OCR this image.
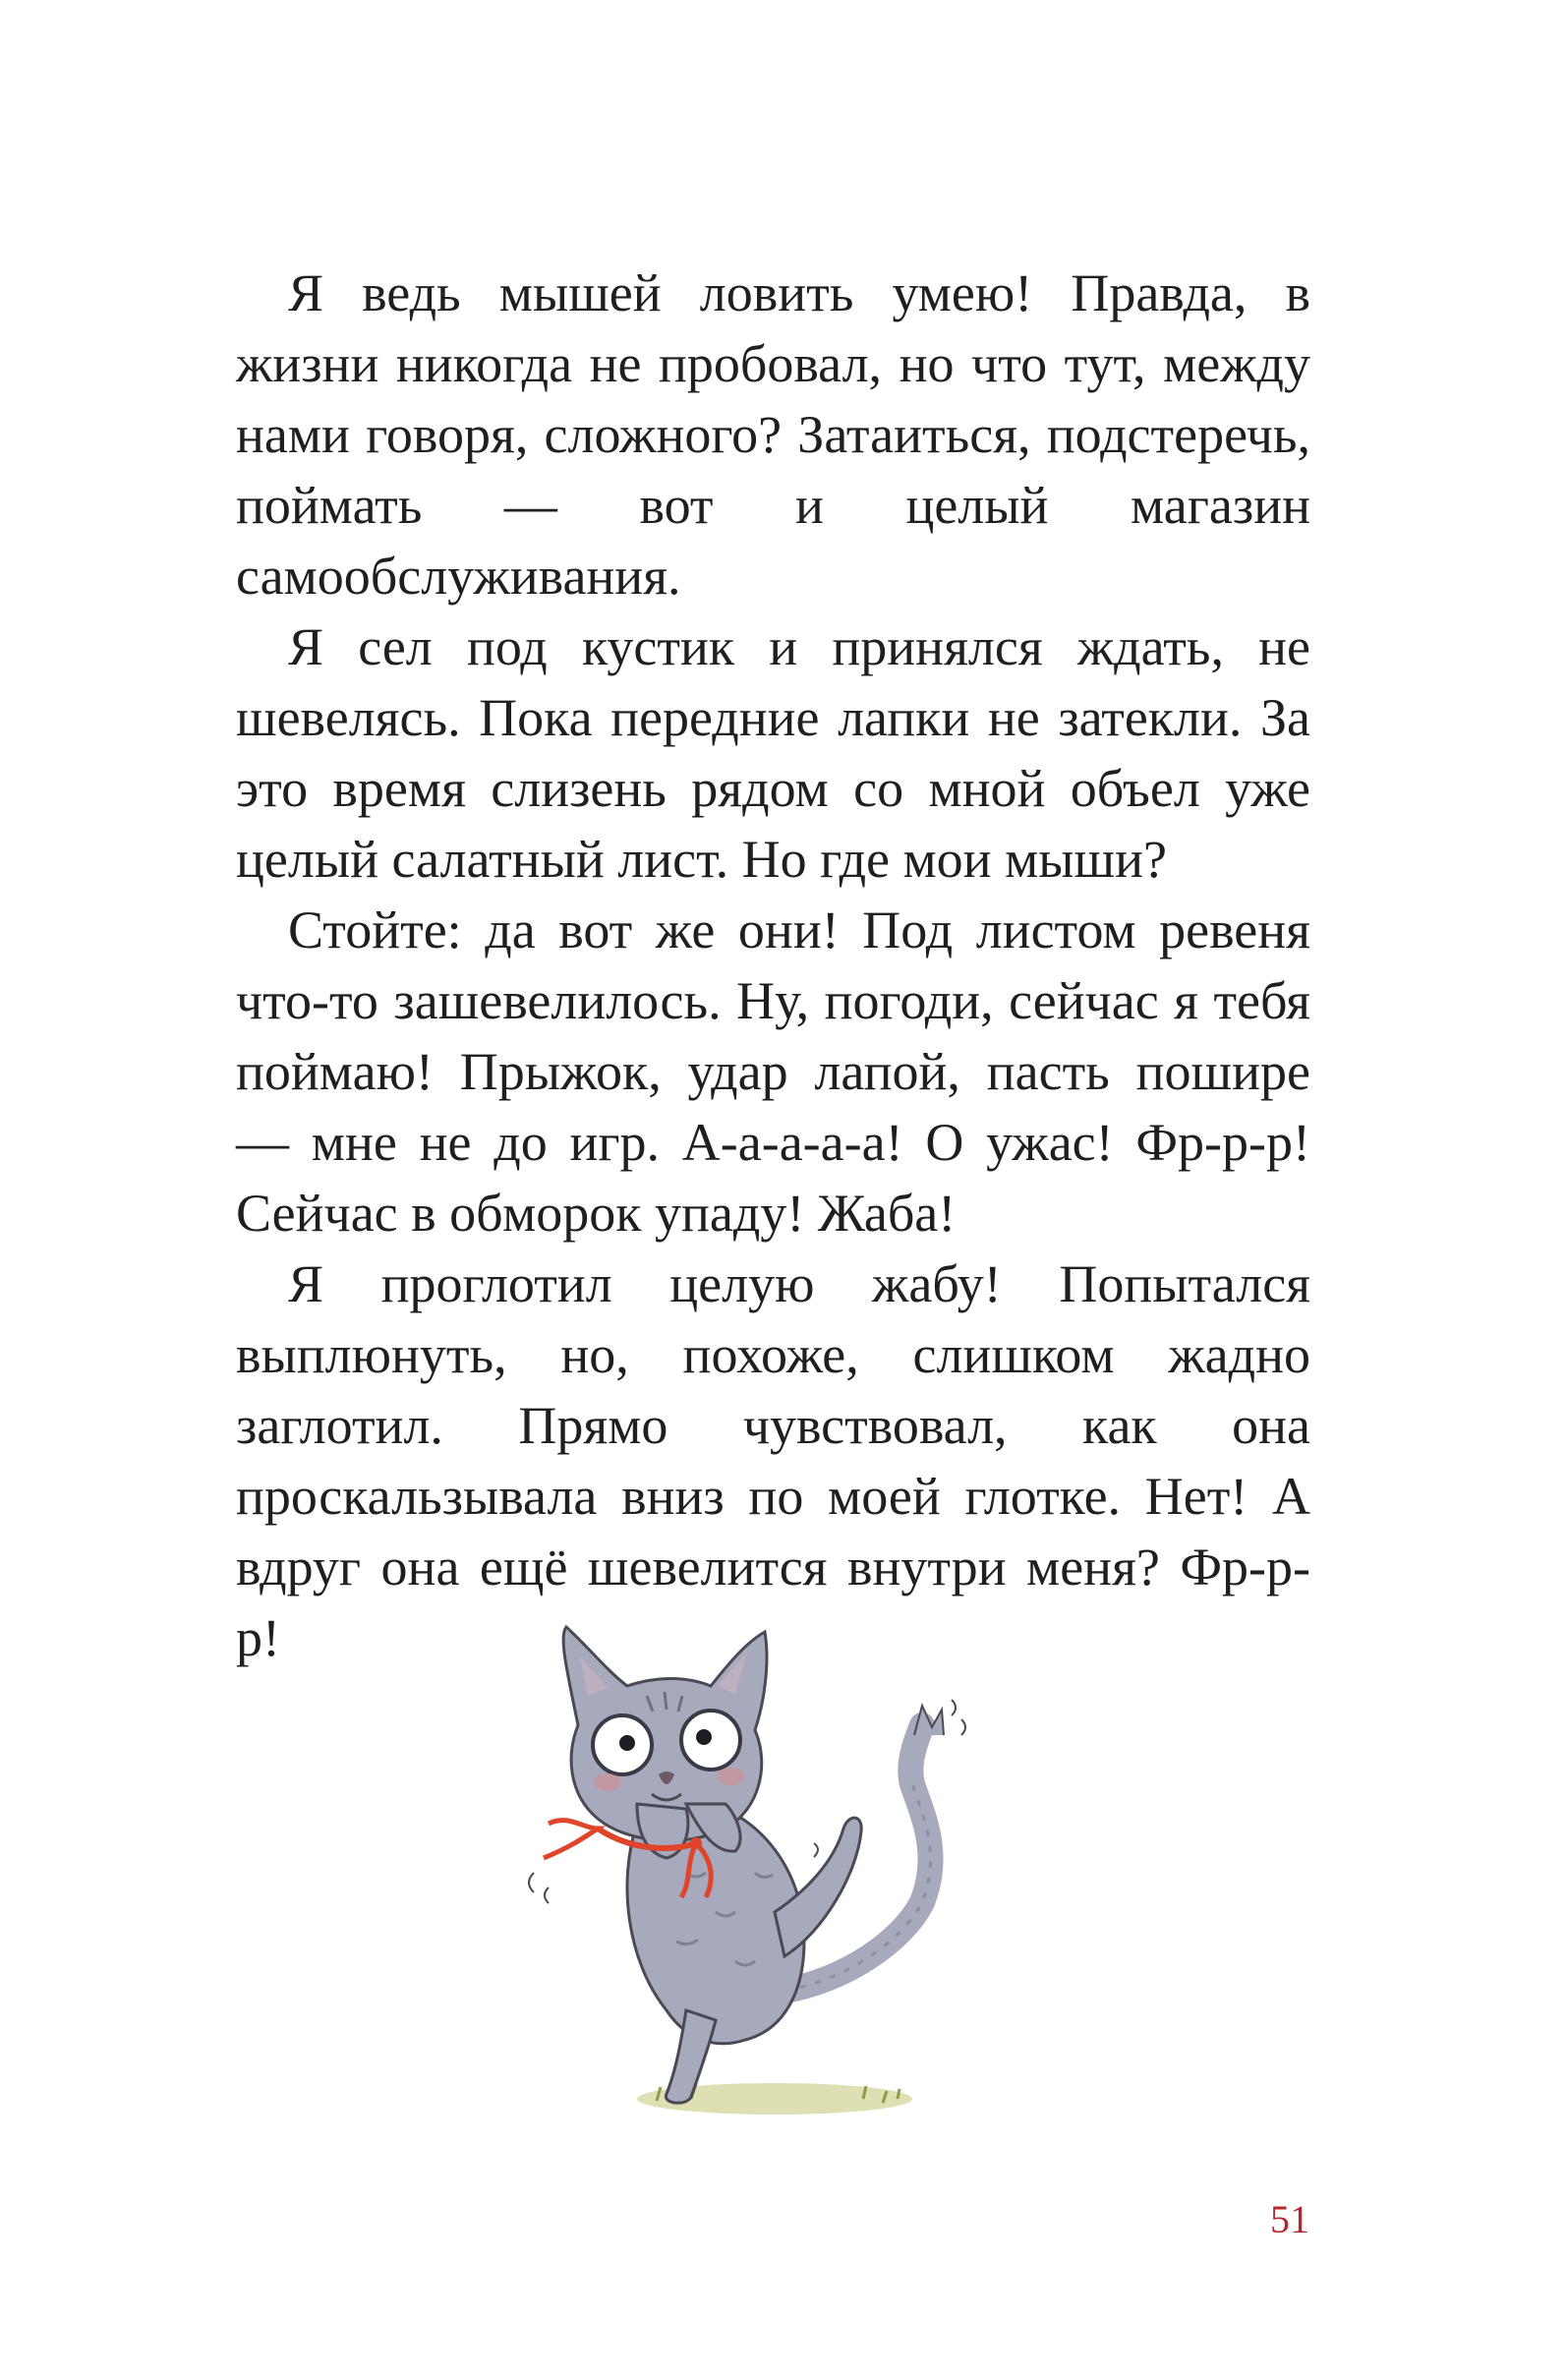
Я ведь мышей ловить умею! Правда, в жизни никогда не пробовал, но что тут, между нами говоря, сложного? Затаиться, подстеречь, поймать — вот и целый магазин самообслуживания.

Я сел под кустик и принялся ждать, не шевелясь. Пока передние лапки не затекли. За это время слизень рядом со мной объел уже целый салатный лист. Но где мои мыши?

Стойте: да вот же они! Под листом ревеня что-то зашевелилось. Ну, погоди, сейчас я тебя поймаю! Прыжок, удар лапой, пасть пошире — мне не до игр. А-а-а-а-а! О ужас! Фр-р-р! Сейчас в обморок упаду! Жаба!

Я проглотил целую жабу! Попытался выплюнуть, но, похоже, слишком жадно заглотил. Прямо чувствовал, как она проскальзывала вниз по моей глотке. Нет! А вдруг она ещё шевелится внутри меня? Фр-р-р!

51
